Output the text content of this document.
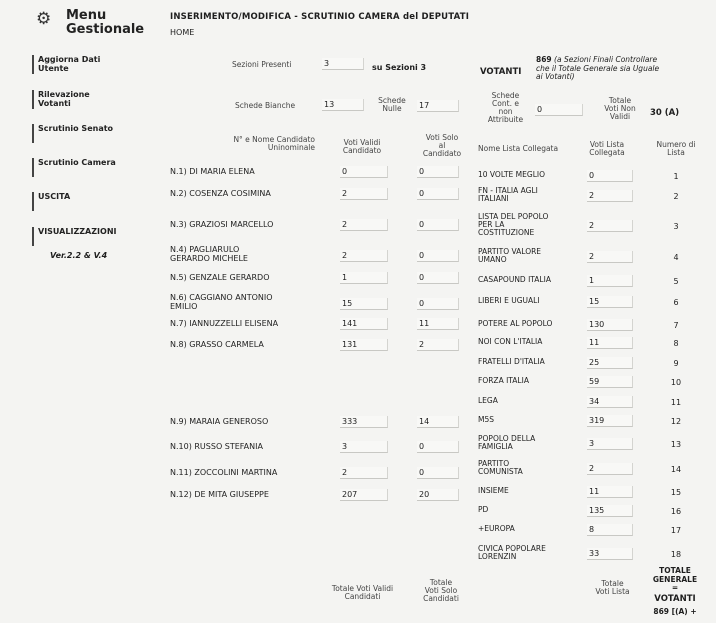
⚙ Menu
Gestionale
Aggiorna Dati
Utente
Rilevazione
Votanti
Scrutinio Senato
Scrutinio Camera
USCITA
VISUALIZZAZIONI
Ver.2.2 & V.4
INSERIMENTO/MODIFICA - SCRUTINIO CAMERA del DEPUTATI
HOME
Sezioni Presenti	3	su Sezioni 3	VOTANTI
869 (a Sezioni Finali Controllare
che il Totale Generale sia Uguale
ai Votanti)
Schede Bianche	13	Schede
Nulle	17
Schede
Cont. e
non
Attribuite
0
Totale
Voti Non
Validi	30 (A)
N° e Nome Candidato
Uninominale
Voti Validi
Candidato
Voti Solo
al
Candidato
Nome Lista Collegata	Voti Lista
Collegata
Numero di
Lista
N.1) DI MARIA ELENA	0	0
N.2) COSENZA COSIMINA	2	0
N.3) GRAZIOSI MARCELLO	2	0
N.4) PAGLIARULO
GERARDO MICHELE	2	0
N.5) GENZALE GERARDO	1	0
N.6) CAGGIANO ANTONIO
EMILIO	15	0
N.7) IANNUZZELLI ELISENA	141	11
N.8) GRASSO CARMELA	131	2
N.9) MARAIA GENEROSO	333	14
N.10) RUSSO STEFANIA	3	0
N.11) ZOCCOLINI MARTINA	2	0
N.12) DE MITA GIUSEPPE	207	20
10 VOLTE MEGLIO	0	1
FN - ITALIA AGLI
ITALIANI	2	2
LISTA DEL POPOLO
PER LA
COSTITUZIONE
2	3
PARTITO VALORE
UMANO	2	4
CASAPOUND ITALIA	1	5
LIBERI E UGUALI	15	6
POTERE AL POPOLO	130	7
NOI CON L'ITALIA	11	8
FRATELLI D'ITALIA	25	9
FORZA ITALIA	59	10
LEGA	34	11
M5S	319	12
POPOLO DELLA
FAMIGLIA	3	13
PARTITO
COMUNISTA	2	14
INSIEME	11	15
PD	135	16
+EUROPA	8	17
CIVICA POPOLARE
LORENZIN	33	18
Totale Voti Validi
Candidati
Totale
Voti Solo
Candidati
Totale
Voti Lista
TOTALE
GENERALE
=
VOTANTI
869 [(A) +
